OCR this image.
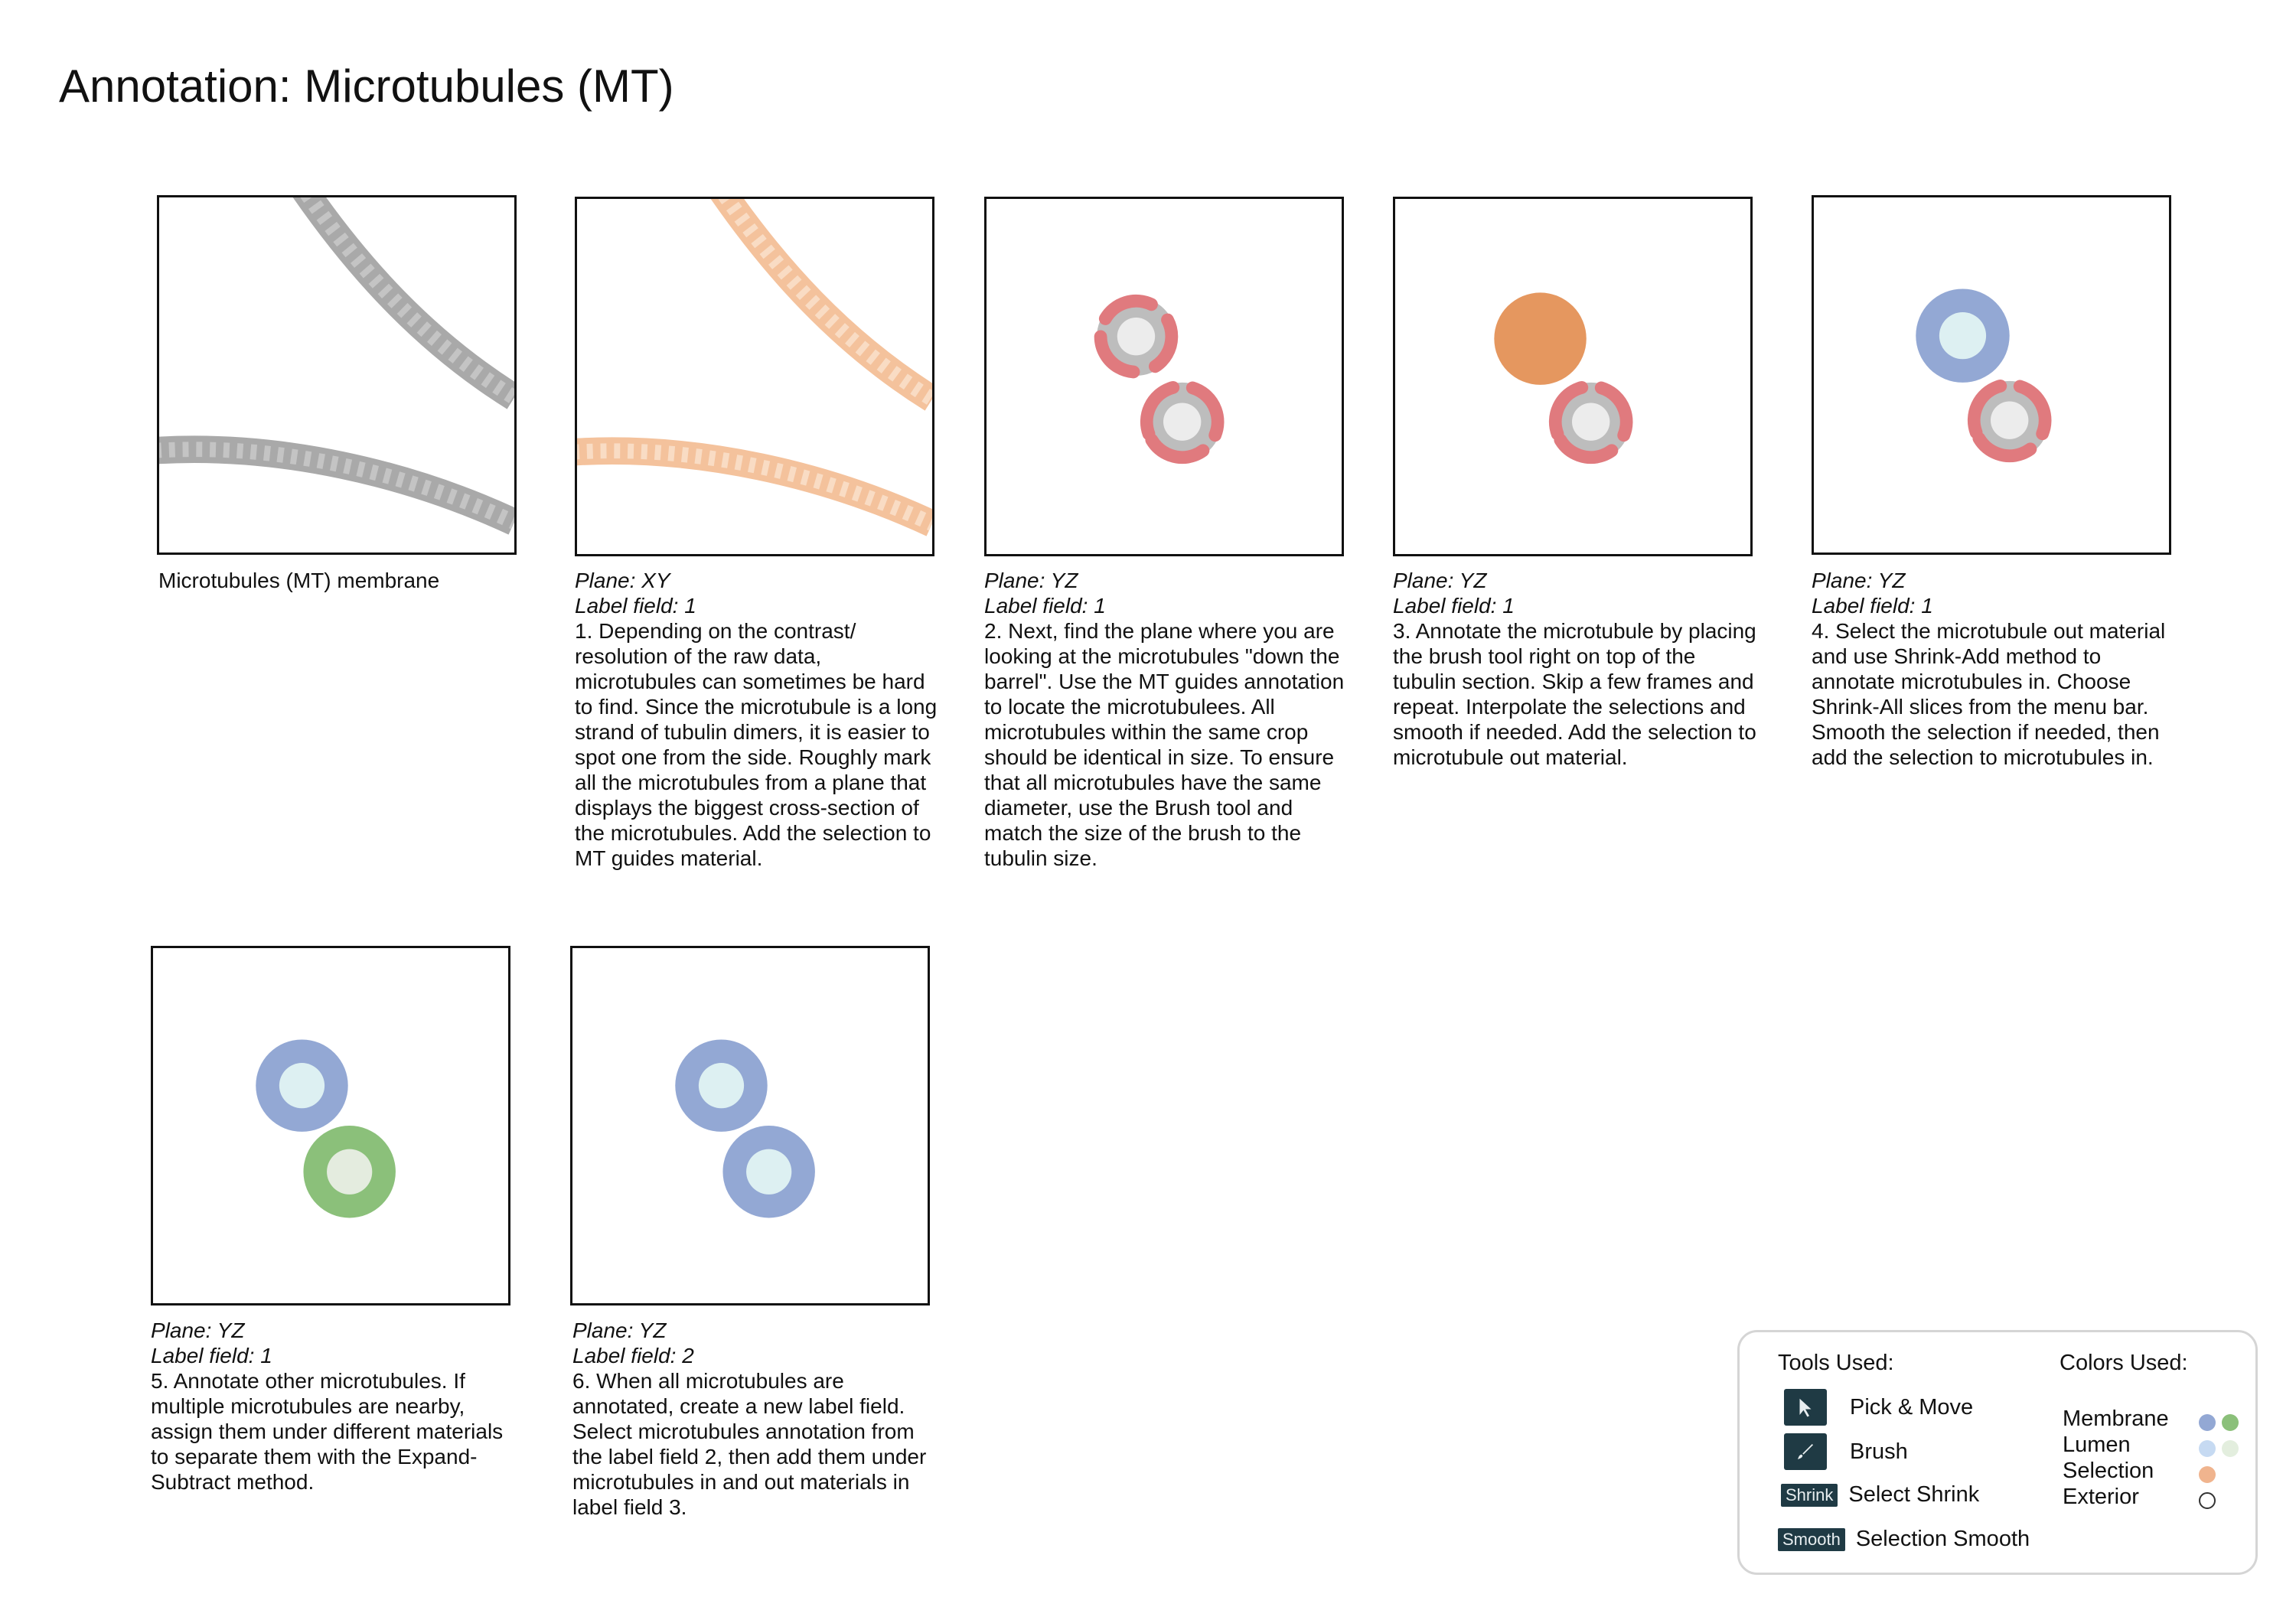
Annotation: Microtubules (MT)
Microtubules (MT) membrane	Plane: XY
Label field: 1
1. Depending on the contrast/ resolution of the raw data, microtubules can sometimes be hard to find. Since the microtubule is a long strand of tubulin dimers, it is easier to spot one from the side. Roughly mark all the microtubules from a plane that displays the biggest cross-section of the microtubules. Add the selection to MT guides material.
Plane: YZ
Label field: 1
2. Next, find the plane where you are looking at the microtubules "down the barrel". Use the MT guides annotation to locate the microtubulees. All microtubules within the same crop should be identical in size. To ensure that all microtubules have the same diameter, use the Brush tool and match the size of the brush to the tubulin size.
Plane: YZ
Label field: 1
3. Annotate the microtubule by placing the brush tool right on top of the tubulin section. Skip a few frames and repeat. Interpolate the selections and smooth if needed. Add the selection to microtubule out material.
Plane: YZ
Label field: 1
4. Select the microtubule out material and use Shrink-Add method to annotate microtubules in. Choose Shrink-All slices from the menu bar. Smooth the selection if needed, then add the selection to microtubules in.
Plane: YZ
Label field: 1
5. Annotate other microtubules. If multiple microtubules are nearby, assign them under different materials to separate them with the Expand-Subtract method.
Plane: YZ
Label field: 2
6. When all microtubules are annotated, create a new label field. Select microtubules annotation from the label field 2, then add them under microtubules in and out materials in label field 3.
Tools Used:	Colors Used:
Pick & Move
Brush
Shrink Select Shrink
Smooth Selection Smooth
Membrane
Lumen
Selection
Exterior
